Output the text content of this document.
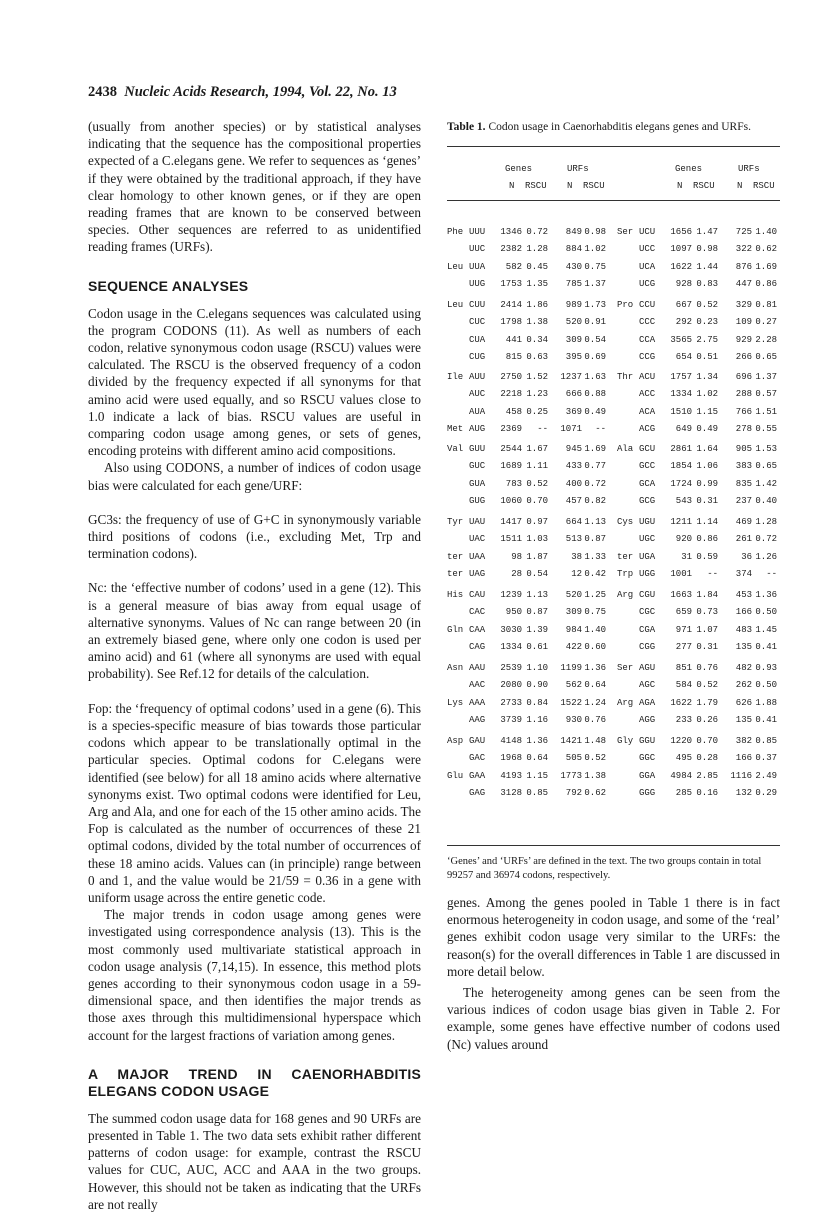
2438 Nucleic Acids Research, 1994, Vol. 22, No. 13

(usually from another species) or by statistical analyses indicating that the sequence has the compositional properties expected of a C.elegans gene. We refer to sequences as ‘genes’ if they were obtained by the traditional approach, if they have clear homology to other known genes, or if they are open reading frames that are known to be conserved between species. Other sequences are referred to as unidentified reading frames (URFs).

SEQUENCE ANALYSES

Codon usage in the C.elegans sequences was calculated using the program CODONS (11). As well as numbers of each codon, relative synonymous codon usage (RSCU) values were calculated. The RSCU is the observed frequency of a codon divided by the frequency expected if all synonyms for that amino acid were used equally, and so RSCU values close to 1.0 indicate a lack of bias. RSCU values are useful in comparing codon usage among genes, or sets of genes, encoding proteins with different amino acid compositions.

Also using CODONS, a number of indices of codon usage bias were calculated for each gene/URF:

GC3s: the frequency of use of G+C in synonymously variable third positions of codons (i.e., excluding Met, Trp and termination codons).

Nc: the ‘effective number of codons’ used in a gene (12). This is a general measure of bias away from equal usage of alternative synonyms. Values of Nc can range between 20 (in an extremely biased gene, where only one codon is used per amino acid) and 61 (where all synonyms are used with equal probability). See Ref.12 for details of the calculation.

Fop: the ‘frequency of optimal codons’ used in a gene (6). This is a species-specific measure of bias towards those particular codons which appear to be translationally optimal in the particular species. Optimal codons for C.elegans were identified (see below) for all 18 amino acids where alternative synonyms exist. Two optimal codons were identified for Leu, Arg and Ala, and one for each of the 15 other amino acids. The Fop is calculated as the number of occurrences of these 21 optimal codons, divided by the total number of occurrences of these 18 amino acids. Values can (in principle) range between 0 and 1, and the value would be 21/59 = 0.36 in a gene with uniform usage across the entire genetic code.

The major trends in codon usage among genes were investigated using correspondence analysis (13). This is the most commonly used multivariate statistical approach in codon usage analysis (7,14,15). In essence, this method plots genes according to their synonymous codon usage in a 59-dimensional space, and then identifies the major trends as those axes through this multidimensional hyperspace which account for the largest fractions of variation among genes.

A MAJOR TREND IN CAENORHABDITIS ELEGANS CODON USAGE

The summed codon usage data for 168 genes and 90 URFs are presented in Table 1. The two data sets exhibit rather different patterns of codon usage: for example, contrast the RSCU values for CUC, AUC, ACC and AAA in the two groups. However, this should not be taken as indicating that the URFs are not really

Table 1. Codon usage in Caenorhabditis elegans genes and URFs.
Genes	URFs	Genes	URFs
N RSCU N RSCU	N RSCU N RSCU
Phe UUU 1346 0.72 849 0.98 Ser UCU 1656 1.47 725 1.40
UUC 2382 1.28 884 1.02	UCC 1097 0.98 322 0.62
Leu UUA 582 0.45 430 0.75	UCA 1622 1.44 876 1.69
UUG 1753 1.35 785 1.37	UCG 928 0.83 447 0.86
Leu CUU 2414 1.86 989 1.73 Pro CCU 667 0.52 329 0.81
CUC 1798 1.38 520 0.91	CCC 292 0.23 109 0.27
CUA 441 0.34 309 0.54	CCA 3565 2.75 929 2.28
CUG 815 0.63 395 0.69	CCG 654 0.51 266 0.65
Ile AUU 2750 1.52 1237 1.63 Thr ACU 1757 1.34 696 1.37
AUC 2218 1.23 666 0.88	ACC 1334 1.02 288 0.57
AUA 458 0.25 369 0.49	ACA 1510 1.15 766 1.51
Met AUG 2369 -- 1071 --	ACG 649 0.49 278 0.55
Val GUU 2544 1.67 945 1.69 Ala GCU 2861 1.64 905 1.53
GUC 1689 1.11 433 0.77	GCC 1854 1.06 383 0.65
GUA 783 0.52 400 0.72	GCA 1724 0.99 835 1.42
GUG 1060 0.70 457 0.82	GCG 543 0.31 237 0.40
Tyr UAU 1417 0.97 664 1.13 Cys UGU 1211 1.14 469 1.28
UAC 1511 1.03 513 0.87	UGC 920 0.86 261 0.72
ter UAA	98 1.87	38 1.33 ter UGA	31 0.59	36 1.26
ter UAG	28 0.54	12 0.42 Trp UGG 1001 -- 374 --
His CAU 1239 1.13 520 1.25 Arg CGU 1663 1.84 453 1.36
CAC 950 0.87 309 0.75	CGC 659 0.73 166 0.50
Gln CAA 3030 1.39 984 1.40	CGA 971 1.07 483 1.45
CAG 1334 0.61 422 0.60	CGG 277 0.31 135 0.41
Asn AAU 2539 1.10 1199 1.36 Ser AGU 851 0.76 482 0.93
AAC 2080 0.90 562 0.64	AGC 584 0.52 262 0.50
Lys AAA 2733 0.84 1522 1.24 Arg AGA 1622 1.79 626 1.88
AAG 3739 1.16 930 0.76	AGG 233 0.26 135 0.41
Asp GAU 4148 1.36 1421 1.48 Gly GGU 1220 0.70 382 0.85
GAC 1968 0.64 505 0.52	GGC 495 0.28 166 0.37
Glu GAA 4193 1.15 1773 1.38	GGA 4984 2.85 1116 2.49
GAG 3128 0.85 792 0.62	GGG 285 0.16 132 0.29
‘Genes’ and ‘URFs’ are defined in the text. The two groups contain in total 99257 and 36974 codons, respectively.

genes. Among the genes pooled in Table 1 there is in fact enormous heterogeneity in codon usage, and some of the ‘real’ genes exhibit codon usage very similar to the URFs: the reason(s) for the overall differences in Table 1 are discussed in more detail below.

The heterogeneity among genes can be seen from the various indices of codon usage bias given in Table 2. For example, some genes have effective number of codons used (Nc) values around
